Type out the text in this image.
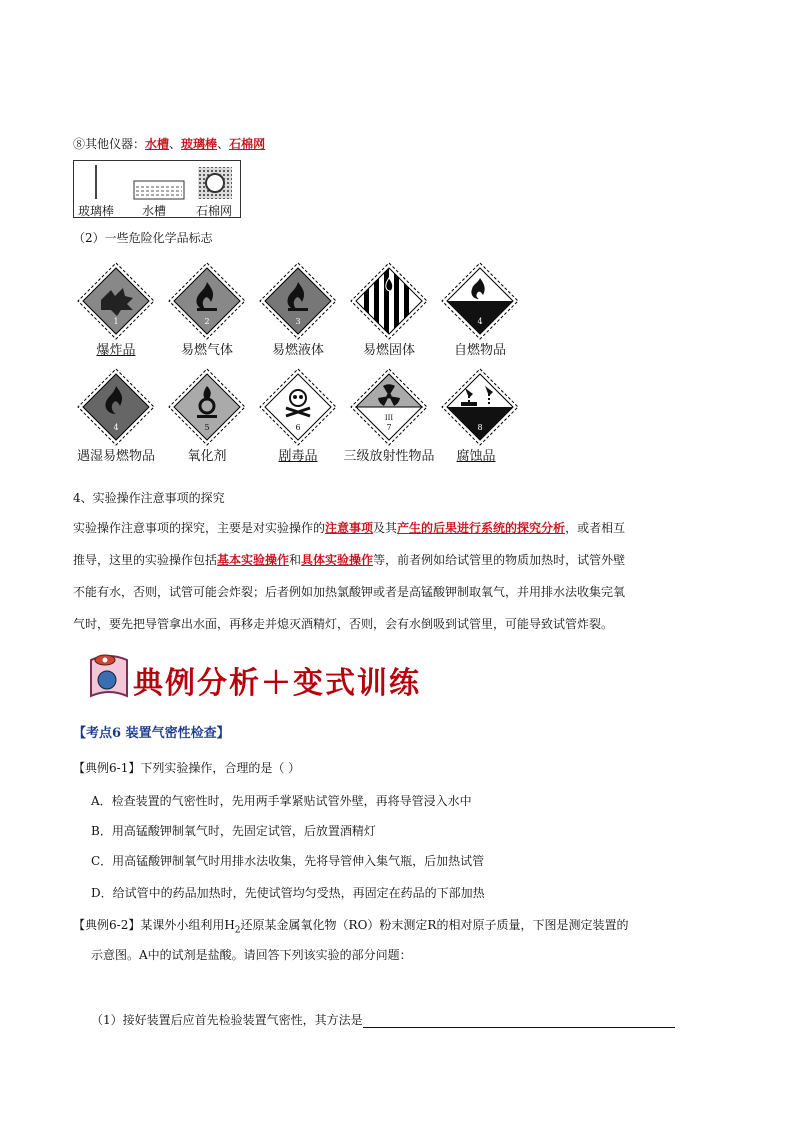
⑧其他仪器：水槽、玻璃棒、石棉网
玻璃棒 水槽 石棉网
（2）一些危险化学品标志
1	2	3	4
爆炸品	易燃气体	易燃液体	易燃固体	自燃物品
4	5	6
III
7	8
遇湿易燃物品	氧化剂	剧毒品	三级放射性物品	腐蚀品
4、实验操作注意事项的探究
实验操作注意事项的探究，主要是对实验操作的注意事项及其产生的后果进行系统的探究分析，或者相互
推导，这里的实验操作包括基本实验操作和具体实验操作等，前者例如给试管里的物质加热时，试管外壁
不能有水，否则，试管可能会炸裂；后者例如加热氯酸钾或者是高锰酸钾制取氧气，并用排水法收集完氧
气时，要先把导管拿出水面，再移走并熄灭酒精灯，否则，会有水倒吸到试管里，可能导致试管炸裂。
典例分析＋变式训练
【考点6 装置气密性检查】
【典例6-1】下列实验操作，合理的是（ ）
A．检查装置的气密性时，先用两手掌紧贴试管外壁，再将导管浸入水中
B．用高锰酸钾制氧气时，先固定试管，后放置酒精灯
C．用高锰酸钾制氧气时用排水法收集，先将导管伸入集气瓶，后加热试管
D．给试管中的药品加热时，先使试管均匀受热，再固定在药品的下部加热
【典例6-2】某课外小组利用$H_2$还原某金属氧化物（RO）粉末测定R的相对原子质量，下图是测定装置的
示意图。A中的试剂是盐酸。请回答下列该实验的部分问题：
（1）接好装置后应首先检验装置气密性，其方法是
